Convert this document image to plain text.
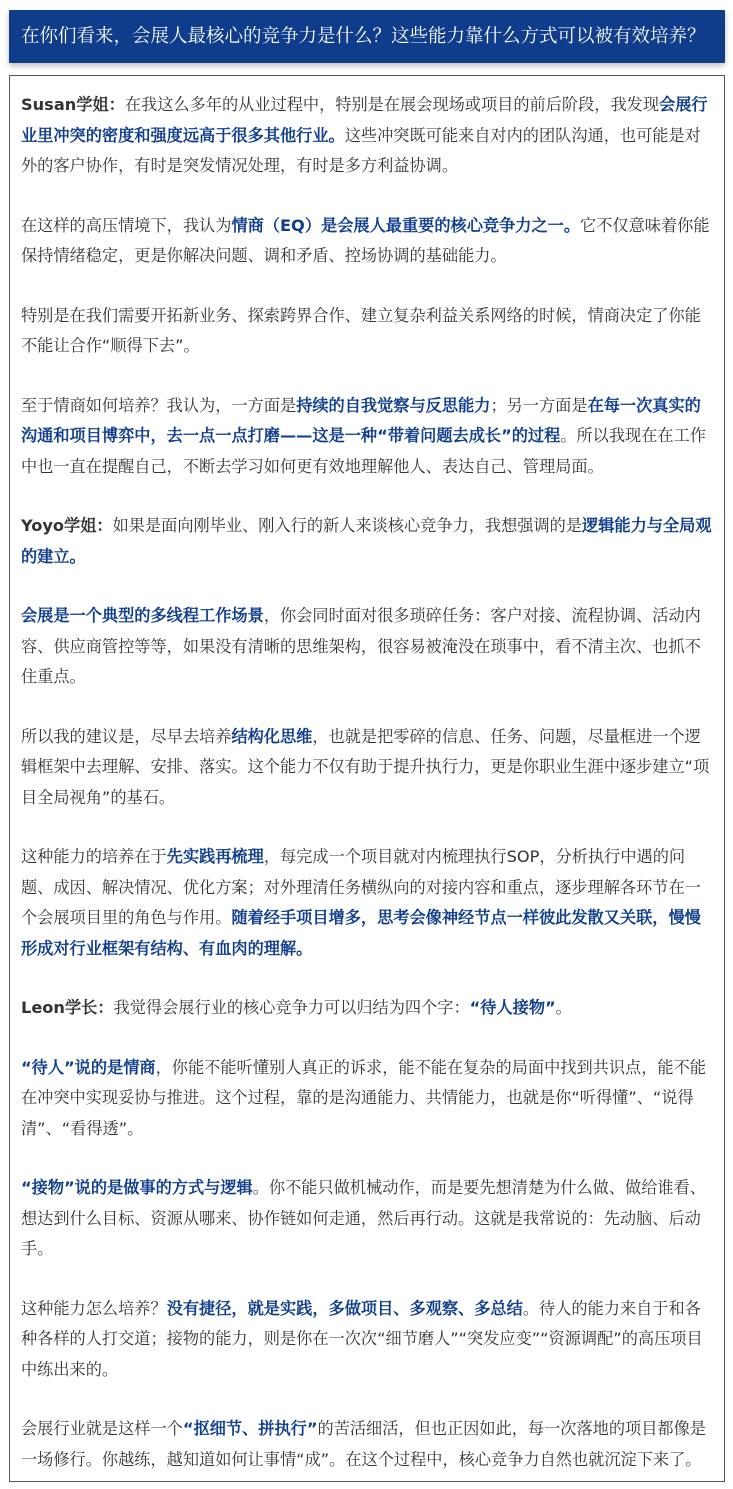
在你们看来，会展人最核心的竞争力是什么？这些能力靠什么方式可以被有效培养？

Susan学姐：在我这么多年的从业过程中，特别是在展会现场或项目的前后阶段，我发现会展行业里冲突的密度和强度远高于很多其他行业。这些冲突既可能来自对内的团队沟通，也可能是对外的客户协作，有时是突发情况处理，有时是多方利益协调。

在这样的高压情境下，我认为情商（EQ）是会展人最重要的核心竞争力之一。它不仅意味着你能保持情绪稳定，更是你解决问题、调和矛盾、控场协调的基础能力。

特别是在我们需要开拓新业务、探索跨界合作、建立复杂利益关系网络的时候，情商决定了你能不能让合作“顺得下去”。

至于情商如何培养？我认为，一方面是持续的自我觉察与反思能力；另一方面是在每一次真实的沟通和项目博弈中，去一点一点打磨——这是一种“带着问题去成长”的过程。所以我现在在工作中也一直在提醒自己，不断去学习如何更有效地理解他人、表达自己、管理局面。

Yoyo学姐：如果是面向刚毕业、刚入行的新人来谈核心竞争力，我想强调的是逻辑能力与全局观的建立。

会展是一个典型的多线程工作场景，你会同时面对很多琐碎任务：客户对接、流程协调、活动内容、供应商管控等等，如果没有清晰的思维架构，很容易被淹没在琐事中，看不清主次、也抓不住重点。

所以我的建议是，尽早去培养结构化思维，也就是把零碎的信息、任务、问题，尽量框进一个逻辑框架中去理解、安排、落实。这个能力不仅有助于提升执行力，更是你职业生涯中逐步建立“项目全局视角”的基石。

这种能力的培养在于先实践再梳理，每完成一个项目就对内梳理执行SOP，分析执行中遇的问题、成因、解决情况、优化方案；对外理清任务横纵向的对接内容和重点，逐步理解各环节在一个会展项目里的角色与作用。随着经手项目增多，思考会像神经节点一样彼此发散又关联，慢慢形成对行业框架有结构、有血肉的理解。

Leon学长：我觉得会展行业的核心竞争力可以归结为四个字：“待人接物”。

“待人”说的是情商，你能不能听懂别人真正的诉求，能不能在复杂的局面中找到共识点，能不能在冲突中实现妥协与推进。这个过程，靠的是沟通能力、共情能力，也就是你“听得懂”、“说得清”、“看得透”。

“接物”说的是做事的方式与逻辑。你不能只做机械动作，而是要先想清楚为什么做、做给谁看、想达到什么目标、资源从哪来、协作链如何走通，然后再行动。这就是我常说的：先动脑、后动手。

这种能力怎么培养？没有捷径，就是实践，多做项目、多观察、多总结。待人的能力来自于和各种各样的人打交道；接物的能力，则是你在一次次“细节磨人”“突发应变”“资源调配”的高压项目中练出来的。

会展行业就是这样一个“抠细节、拼执行”的苦活细活，但也正因如此，每一次落地的项目都像是一场修行。你越练，越知道如何让事情“成”。在这个过程中，核心竞争力自然也就沉淀下来了。
